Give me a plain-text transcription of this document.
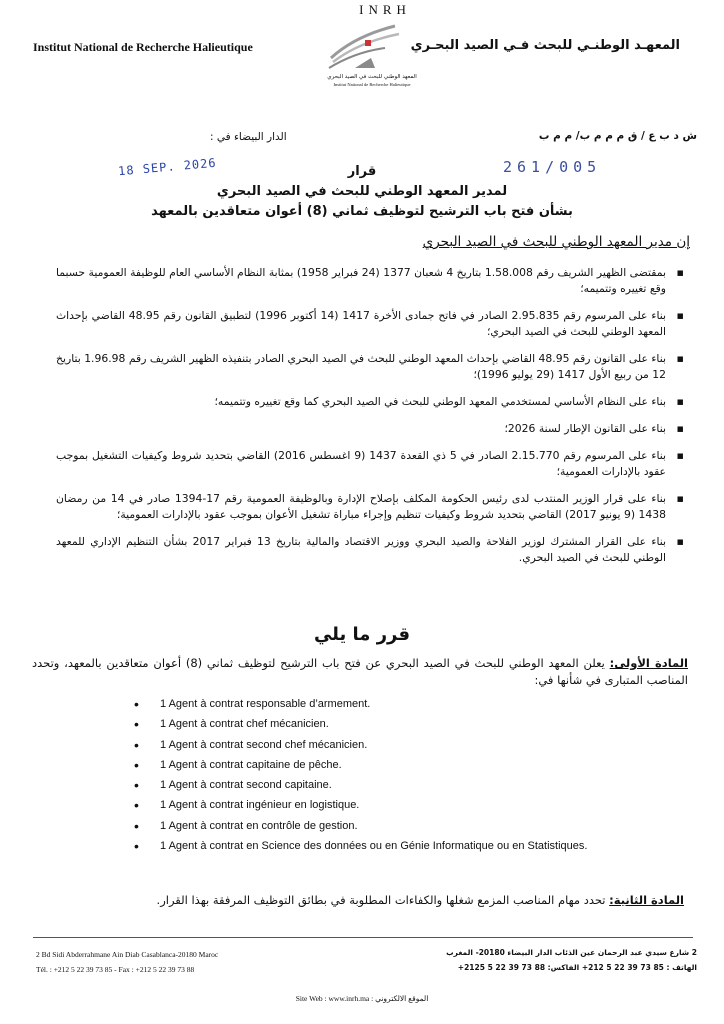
Institut National de Recherche Halieutique	المعهـد الوطنـي للبحث فـي الصيد البحـري
INRH
المعهد الوطني للبحث في الصيد البحري
Institut National de Recherche Halieutique
ش د ب ع / ق م م م ب/ م م ب
الدار البيضاء في :
18 SEP. 2026	261/005
قرار
لمدير المعهد الوطني للبحث في الصيد البحري
بشأن فتح باب الترشيح لتوظيف ثماني (8) أعوان متعاقدين بالمعهد
إن مدير المعهد الوطني للبحث في الصيد البحري
▪ بمقتضى الظهير الشريف رقم 1.58.008 بتاريخ 4 شعبان 1377 (24 فبراير 1958) بمثابة النظام الأساسي العام للوظيفة العمومية حسبما وقع تغييره وتتميمه؛
▪ بناء على المرسوم رقم 2.95.835 الصادر في فاتح جمادى الأخرة 1417 (14 أكتوبر 1996) لتطبيق القانون رقم 48.95 القاضي بإحداث المعهد الوطني للبحث في الصيد البحري؛
▪ بناء على القانون رقم 48.95 القاضي بإحداث المعهد الوطني للبحث في الصيد البحري الصادر بتنفيذه الظهير الشريف رقم 1.96.98 بتاريخ 12 من ربيع الأول 1417 (29 يوليو 1996)؛
▪ بناء على النظام الأساسي لمستخدمي المعهد الوطني للبحث في الصيد البحري كما وقع تغييره وتتميمه؛
▪ بناء على القانون الإطار لسنة 2026؛
▪ بناء على المرسوم رقم 2.15.770 الصادر في 5 ذي القعدة 1437 (9 اغسطس 2016) القاضي بتحديد شروط وكيفيات التشغيل بموجب عقود بالإدارات العمومية؛
▪ بناء على قرار الوزير المنتدب لدى رئيس الحكومة المكلف بإصلاح الإدارة وبالوظيفة العمومية رقم 17-1394 صادر في 14 من رمضان 1438 (9 يونيو 2017) القاضي بتحديد شروط وكيفيات تنظيم وإجراء مباراة تشغيل الأعوان بموجب عقود بالإدارات العمومية؛
▪ بناء على القرار المشترك لوزير الفلاحة والصيد البحري ووزير الاقتصاد والمالية بتاريخ 13 فبراير 2017 بشأن التنظيم الإداري للمعهد الوطني للبحث في الصيد البحري.
قرر ما يلي
المادة الأولى: يعلن المعهد الوطني للبحث في الصيد البحري عن فتح باب الترشيح لتوظيف ثماني (8) أعوان متعاقدين بالمعهد، وتحدد المناصب المتبارى في شأنها في:
• 1 Agent à contrat responsable d’armement.
• 1 Agent à contrat chef mécanicien.
• 1 Agent à contrat second chef mécanicien.
• 1 Agent à contrat capitaine de pêche.
• 1 Agent à contrat second capitaine.
• 1 Agent à contrat ingénieur en logistique.
• 1 Agent à contrat en contrôle de gestion.
• 1 Agent à contrat en Science des données ou en Génie Informatique ou en Statistiques.
المادة الثانية: تحدد مهام المناصب المزمع شغلها والكفاءات المطلوبة في بطائق التوظيف المرفقة بهذا القرار.
2 Bd Sidi Abderrahmane Ain Diab Casablanca-20180 Maroc
Tél. : +212 5 22 39 73 85 - Fax : +212 5 22 39 73 88
2 شارع سيدي عبد الرحمان عين الذئاب الدار البيضاء 20180- المغرب
الهاتف : 85 73 39 22 5 212+ الفاكس: 88 73 39 22 5 2125+
Site Web : www.inrh.ma : الموقع الالكتروني
